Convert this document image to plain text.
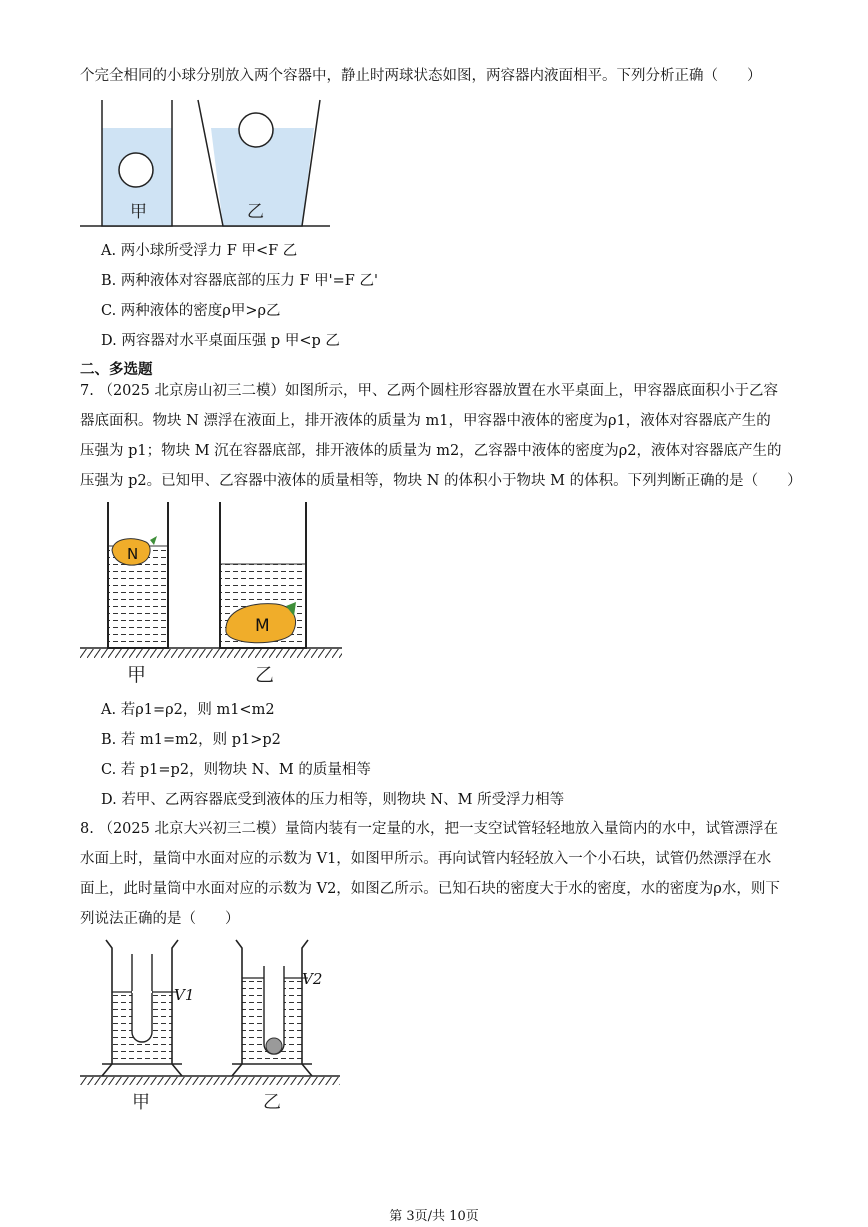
个完全相同的小球分别放入两个容器中，静止时两球状态如图，两容器内液面相平。下列分析正确（　　）
甲	乙
A. 两小球所受浮力 F 甲<F 乙
B. 两种液体对容器底部的压力 F 甲'=F 乙'
C. 两种液体的密度ρ甲>ρ乙
D. 两容器对水平桌面压强 p 甲<p 乙
二、多选题
7. （2025 北京房山初三二模）如图所示，甲、乙两个圆柱形容器放置在水平桌面上，甲容器底面积小于乙容
器底面积。物块 N 漂浮在液面上，排开液体的质量为 m1，甲容器中液体的密度为ρ1，液体对容器底产生的
压强为 p1；物块 M 沉在容器底部，排开液体的质量为 m2，乙容器中液体的密度为ρ2，液体对容器底产生的
压强为 p2。已知甲、乙容器中液体的质量相等，物块 N 的体积小于物块 M 的体积。下列判断正确的是（　　）
N
M
甲	乙
A. 若ρ1=ρ2，则 m1<m2
B. 若 m1=m2，则 p1>p2
C. 若 p1=p2，则物块 N、M 的质量相等
D. 若甲、乙两容器底受到液体的压力相等，则物块 N、M 所受浮力相等
8. （2025 北京大兴初三二模）量筒内装有一定量的水，把一支空试管轻轻地放入量筒内的水中，试管漂浮在
水面上时，量筒中水面对应的示数为 V1，如图甲所示。再向试管内轻轻放入一个小石块，试管仍然漂浮在水
面上，此时量筒中水面对应的示数为 V2，如图乙所示。已知石块的密度大于水的密度，水的密度为ρ水，则下
列说法正确的是（　　）
V1
V2
甲	乙
第 3页/共 10页
